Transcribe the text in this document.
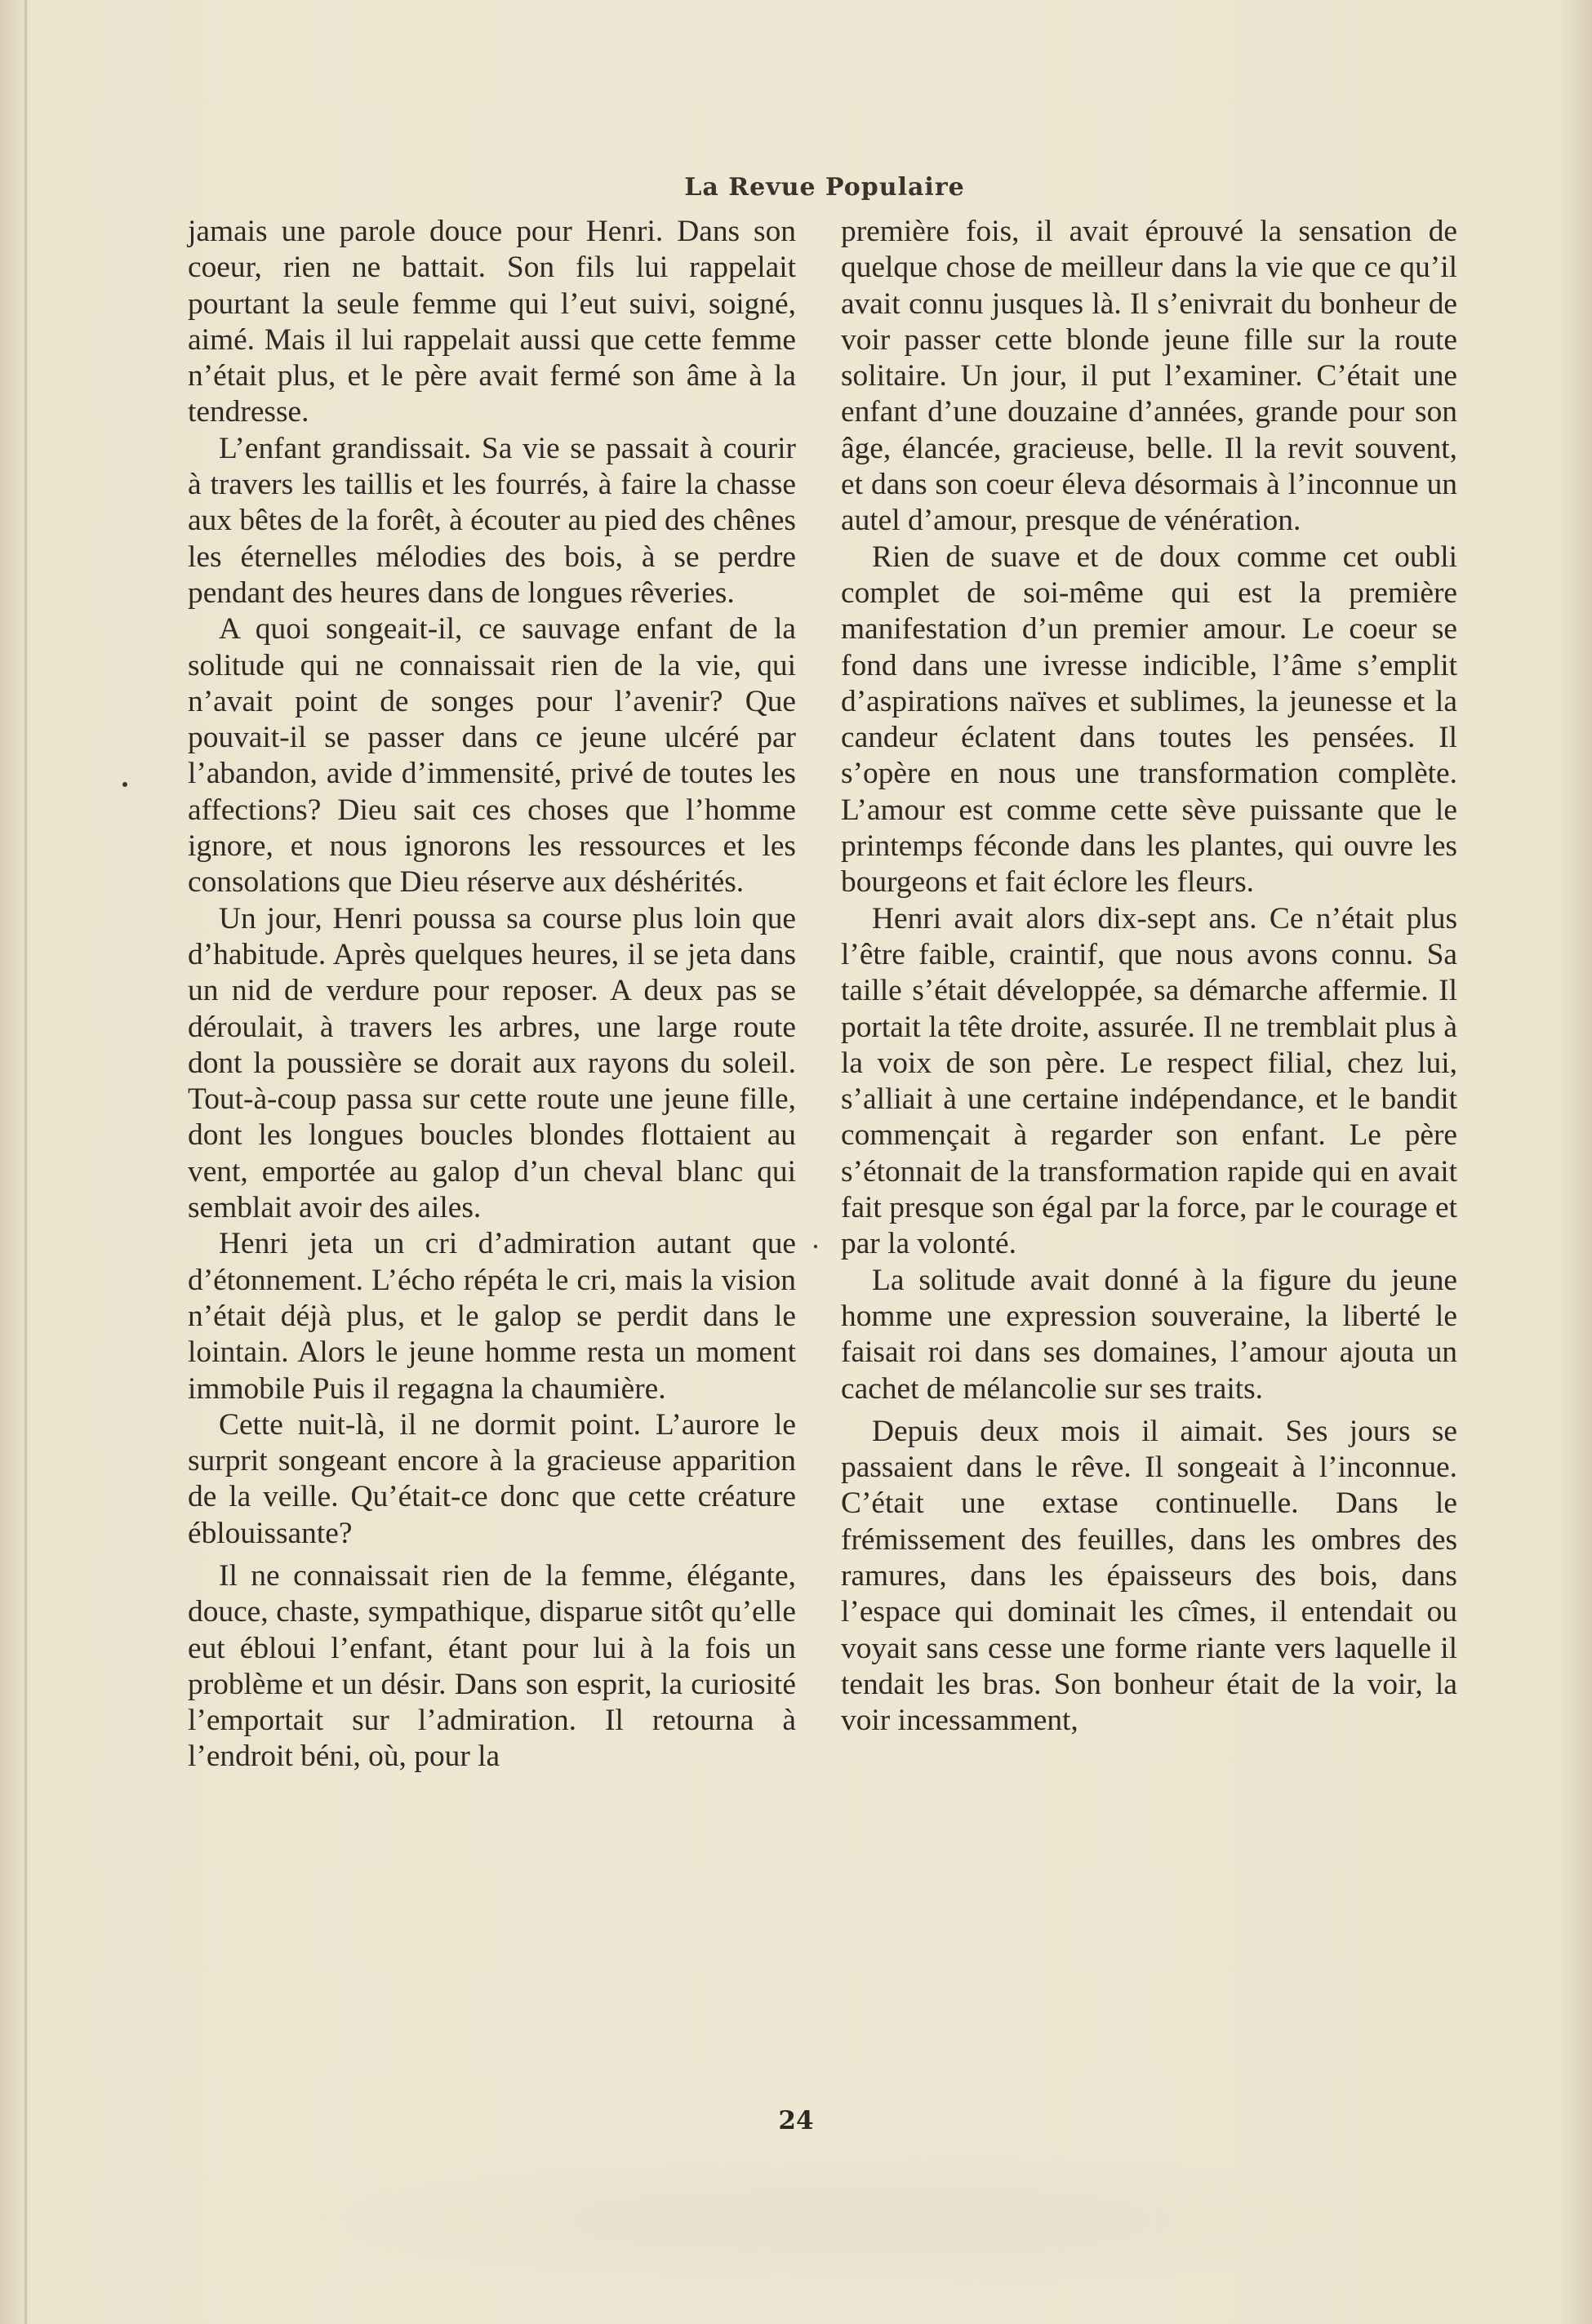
La Revue Populaire

jamais une parole douce pour Henri. Dans son coeur, rien ne battait. Son fils lui rappelait pourtant la seule femme qui l’eut suivi, soigné, aimé. Mais il lui rappelait aussi que cette femme n’était plus, et le père avait fermé son âme à la tendresse.

L’enfant grandissait. Sa vie se passait à courir à travers les taillis et les fourrés, à faire la chasse aux bêtes de la forêt, à écouter au pied des chênes les éternelles mélodies des bois, à se perdre pendant des heures dans de longues rêveries.

A quoi songeait-il, ce sauvage enfant de la solitude qui ne connaissait rien de la vie, qui n’avait point de songes pour l’avenir? Que pouvait-il se passer dans ce jeune ulcéré par l’abandon, avide d’immensité, privé de toutes les affections? Dieu sait ces choses que l’homme ignore, et nous ignorons les ressources et les consolations que Dieu réserve aux déshérités.

Un jour, Henri poussa sa course plus loin que d’habitude. Après quelques heures, il se jeta dans un nid de verdure pour reposer. A deux pas se déroulait, à travers les arbres, une large route dont la poussière se dorait aux rayons du soleil. Tout-à-coup passa sur cette route une jeune fille, dont les longues boucles blondes flottaient au vent, emportée au galop d’un cheval blanc qui semblait avoir des ailes.

Henri jeta un cri d’admiration autant que d’étonnement. L’écho répéta le cri, mais la vision n’était déjà plus, et le galop se perdit dans le lointain. Alors le jeune homme resta un moment immobile Puis il regagna la chaumière.

Cette nuit-là, il ne dormit point. L’aurore le surprit songeant encore à la gracieuse apparition de la veille. Qu’était-ce donc que cette créature éblouissante?

Il ne connaissait rien de la femme, élégante, douce, chaste, sympathique, disparue sitôt qu’elle eut ébloui l’enfant, étant pour lui à la fois un problème et un désir. Dans son esprit, la curiosité l’emportait sur l’admiration. Il retourna à l’endroit béni, où, pour la

première fois, il avait éprouvé la sensation de quelque chose de meilleur dans la vie que ce qu’il avait connu jusques là. Il s’enivrait du bonheur de voir passer cette blonde jeune fille sur la route solitaire. Un jour, il put l’examiner. C’était une enfant d’une douzaine d’années, grande pour son âge, élancée, gracieuse, belle. Il la revit souvent, et dans son coeur éleva désormais à l’inconnue un autel d’amour, presque de vénération.

Rien de suave et de doux comme cet oubli complet de soi-même qui est la première manifestation d’un premier amour. Le coeur se fond dans une ivresse indicible, l’âme s’emplit d’aspirations naïves et sublimes, la jeunesse et la candeur éclatent dans toutes les pensées. Il s’opère en nous une transformation complète. L’amour est comme cette sève puissante que le printemps féconde dans les plantes, qui ouvre les bourgeons et fait éclore les fleurs.

Henri avait alors dix-sept ans. Ce n’était plus l’être faible, craintif, que nous avons connu. Sa taille s’était développée, sa démarche affermie. Il portait la tête droite, assurée. Il ne tremblait plus à la voix de son père. Le respect filial, chez lui, s’alliait à une certaine indépendance, et le bandit commençait à regarder son enfant. Le père s’étonnait de la transformation rapide qui en avait fait presque son égal par la force, par le courage et par la volonté.

La solitude avait donné à la figure du jeune homme une expression souveraine, la liberté le faisait roi dans ses domaines, l’amour ajouta un cachet de mélancolie sur ses traits.

Depuis deux mois il aimait. Ses jours se passaient dans le rêve. Il songeait à l’inconnue. C’était une extase continuelle. Dans le frémissement des feuilles, dans les ombres des ramures, dans les épaisseurs des bois, dans l’espace qui dominait les cîmes, il entendait ou voyait sans cesse une forme riante vers laquelle il tendait les bras. Son bonheur était de la voir, la voir incessamment,

24
